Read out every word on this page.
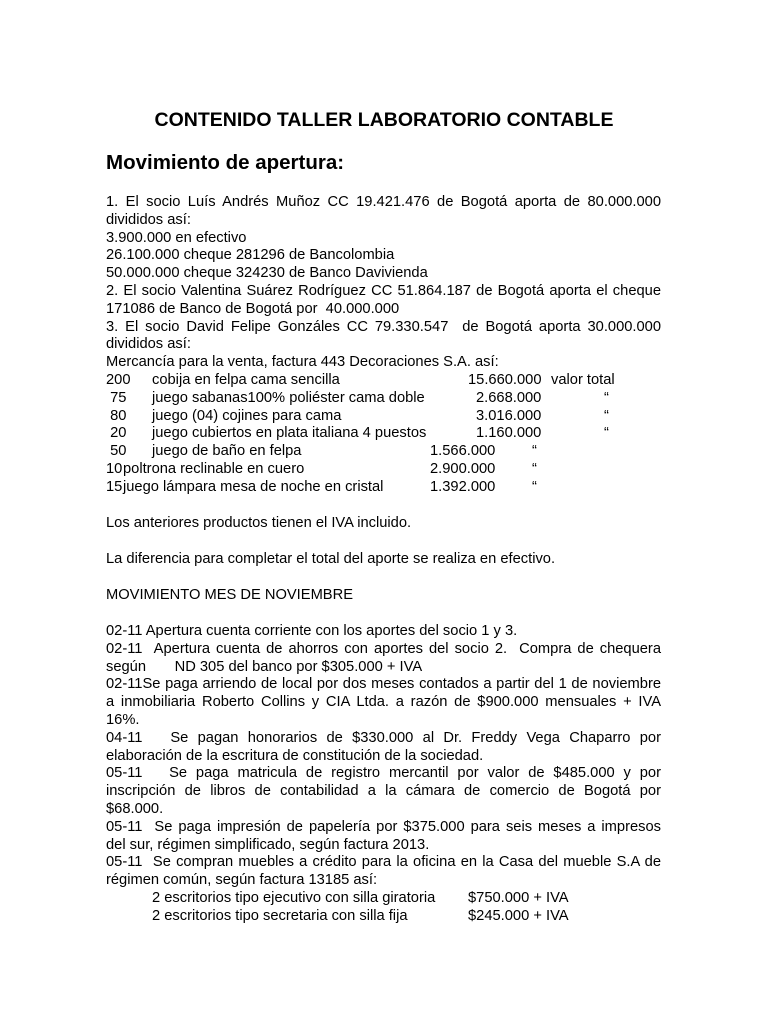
CONTENIDO TALLER LABORATORIO CONTABLE
Movimiento de apertura:
1. El socio Luís Andrés Muñoz CC 19.421.476 de Bogotá aporta de 80.000.000
divididos así:
3.900.000 en efectivo
26.100.000 cheque 281296 de Bancolombia
50.000.000 cheque 324230 de Banco Davivienda
2. El socio Valentina Suárez Rodríguez CC 51.864.187 de Bogotá aporta el cheque
171086 de Banco de Bogotá por  40.000.000
3. El socio David Felipe Gonzáles CC 79.330.547  de Bogotá aporta 30.000.000
divididos así:
Mercancía para la venta, factura 443 Decoraciones S.A. así:
200 cobija en felpa cama sencilla	15.660.000 valor total
75 juego sabanas100% poliéster cama doble	2.668.000	“
80 juego (04) cojines para cama	3.016.000	“
20 juego cubiertos en plata italiana 4 puestos	1.160.000	“
50 juego de baño en felpa	1.566.000 “
10 poltrona reclinable en cuero	2.900.000 “
15 juego lámpara mesa de noche en cristal	1.392.000 “
Los anteriores productos tienen el IVA incluido.
La diferencia para completar el total del aporte se realiza en efectivo.
MOVIMIENTO MES DE NOVIEMBRE
02-11 Apertura cuenta corriente con los aportes del socio 1 y 3.
02-11  Apertura cuenta de ahorros con aportes del socio 2.  Compra de chequera
según       ND 305 del banco por $305.000 + IVA
02-11Se paga arriendo de local por dos meses contados a partir del 1 de noviembre
a inmobiliaria Roberto Collins y CIA Ltda. a razón de $900.000 mensuales + IVA
16%.
04-11   Se pagan honorarios de $330.000 al Dr. Freddy Vega Chaparro por
elaboración de la escritura de constitución de la sociedad.
05-11   Se paga matricula de registro mercantil por valor de $485.000 y por
inscripción de libros de contabilidad a la cámara de comercio de Bogotá por
$68.000.
05-11  Se paga impresión de papelería por $375.000 para seis meses a impresos
del sur, régimen simplificado, según factura 2013.
05-11  Se compran muebles a crédito para la oficina en la Casa del mueble S.A de
régimen común, según factura 13185 así:
2 escritorios tipo ejecutivo con silla giratoria $750.000 + IVA
2 escritorios tipo secretaria con silla fija	$245.000 + IVA
